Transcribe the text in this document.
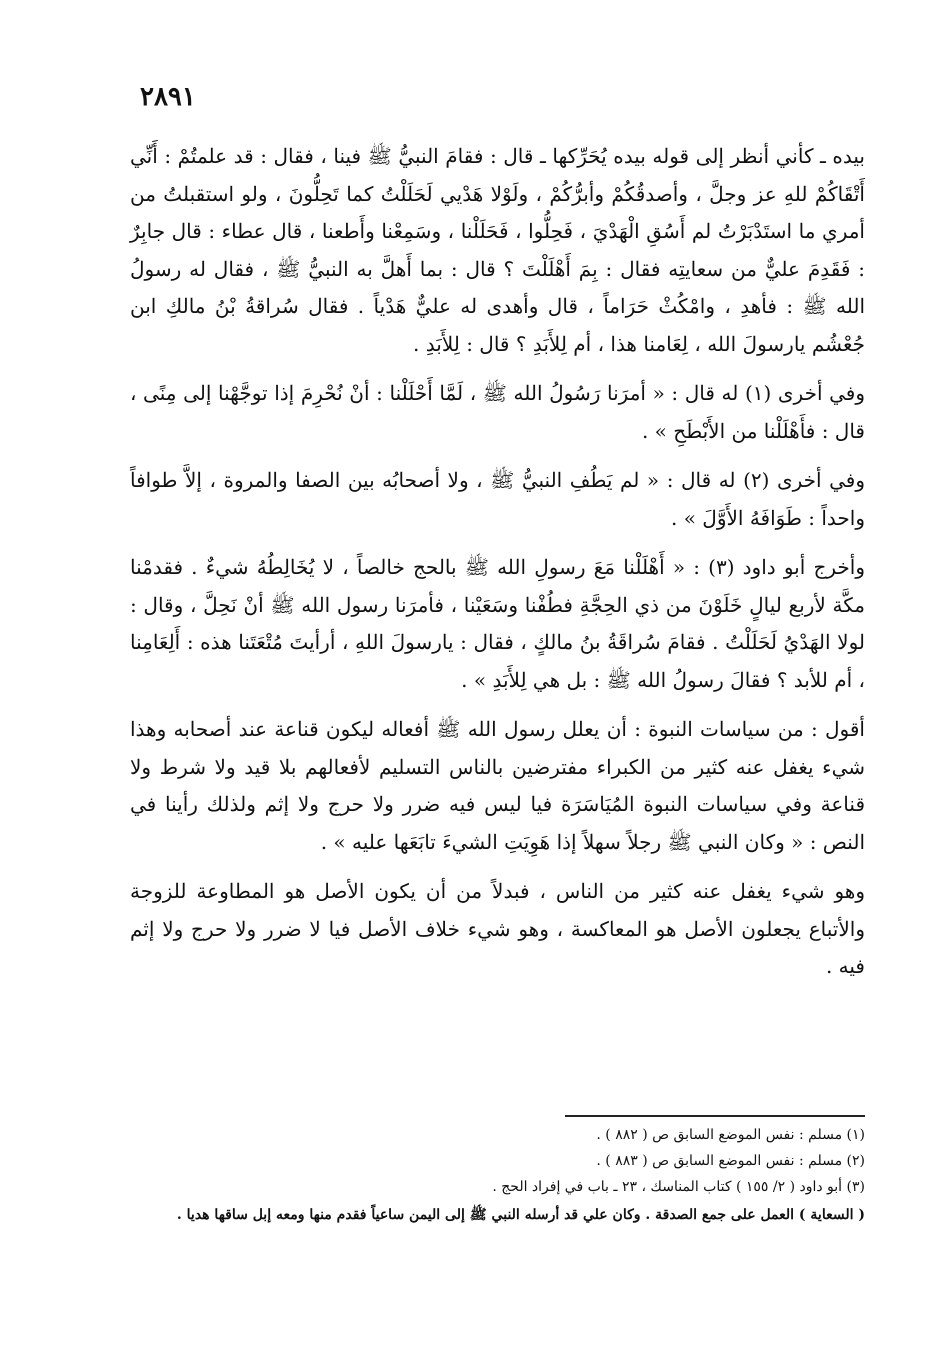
٢٨٩١

بيده ـ كأني أنظر إلى قوله بيده يُحَرِّكها ـ قال : فقامَ النبيُّ ﷺ فينا ، فقال : قد علمتُمْ : أَنِّي أَتْقَاكُمْ للهِ عز وجلَّ ، وأصدقُكُمْ وأبرُّكُمْ ، ولَوْلا هَدْيي لَحَلَلْتُ كما تَحِلُّونَ ، ولو استقبلتُ من أمري ما استَدْبَرْتُ لم أَسُقِ الْهَدْيَ ، فَحِلُّوا ، فَحَلَلْنا ، وسَمِعْنا وأَطعنا ، قال عطاء : قال جابِرٌ : فَقَدِمَ عليٌّ من سعايتِه فقال : بِمَ أَهْلَلْتَ ؟ قال : بما أَهلَّ به النبيُّ ﷺ ، فقال له رسولُ الله ﷺ : فأهدِ ، وامْكُثْ حَرَاماً ، قال وأهدى له عليٌّ هَدْياً . فقال سُراقةُ بْنُ مالكِ ابن جُعْشُم يارسولَ الله ، لِعَامنا هذا ، أم لِلأَبَدِ ؟ قال : لِلأَبَدِ .

وفي أخرى (١) له قال : « أمرَنا رَسُولُ الله ﷺ ، لَمَّا أَحْلَلْنا : أنْ نُحْرِمَ إذا توجَّهْنا إلى مِنًى ، قال : فأَهْلَلْنا من الأَبْطَحِ » .

وفي أخرى (٢) له قال : « لم يَطُفِ النبيُّ ﷺ ، ولا أصحابُه بين الصفا والمروة ، إلاَّ طوافاً واحداً : طَوَافَهُ الأَوَّلَ » .

وأخرج أبو داود (٣) : « أَهْلَلْنا مَعَ رسولِ الله ﷺ بالحج خالصاً ، لا يُخَالِطُهُ شيءٌ . فقدمْنا مكَّة لأربع ليالٍ خَلَوْنَ من ذي الحِجَّةِ فطُفْنا وسَعَيْنا ، فأمرَنا رسول الله ﷺ أنْ نَحِلَّ ، وقال : لولا الهَدْيُ لَحَلَلْتُ . فقامَ سُراقَةُ بنُ مالكٍ ، فقال : يارسولَ اللهِ ، أرأيتَ مُتْعَتَنا هذه : أَلِعَامِنا ، أم للأبد ؟ فقالَ رسولُ الله ﷺ : بل هي لِلأَبَدِ » .

أقول : من سياسات النبوة : أن يعلل رسول الله ﷺ أفعاله ليكون قناعة عند أصحابه وهذا شيء يغفل عنه كثير من الكبراء مفترضين بالناس التسليم لأفعالهم بلا قيد ولا شرط ولا قناعة وفي سياسات النبوة المُيَاسَرَة فيا ليس فيه ضرر ولا حرج ولا إثم ولذلك رأينا في النص : « وكان النبي ﷺ رجلاً سهلاً إذا هَوِيَتِ الشيءَ تابَعَها عليه » .

وهو شيء يغفل عنه كثير من الناس ، فبدلاً من أن يكون الأصل هو المطاوعة للزوجة والأتباع يجعلون الأصل هو المعاكسة ، وهو شيء خلاف الأصل فيا لا ضرر ولا حرج ولا إثم فيه .

(١) مسلم : نفس الموضع السابق ص ( ٨٨٢ ) .

(٢) مسلم : نفس الموضع السابق ص ( ٨٨٣ ) .

(٣) أبو داود ( ٢/ ١٥٥ ) كتاب المناسك ، ٢٣ ـ باب في إفراد الحج .

( السعاية ) العمل على جمع الصدقة . وكان علي قد أرسله النبي ﷺ إلى اليمن ساعياً فقدم منها ومعه إبل ساقها هديا .
